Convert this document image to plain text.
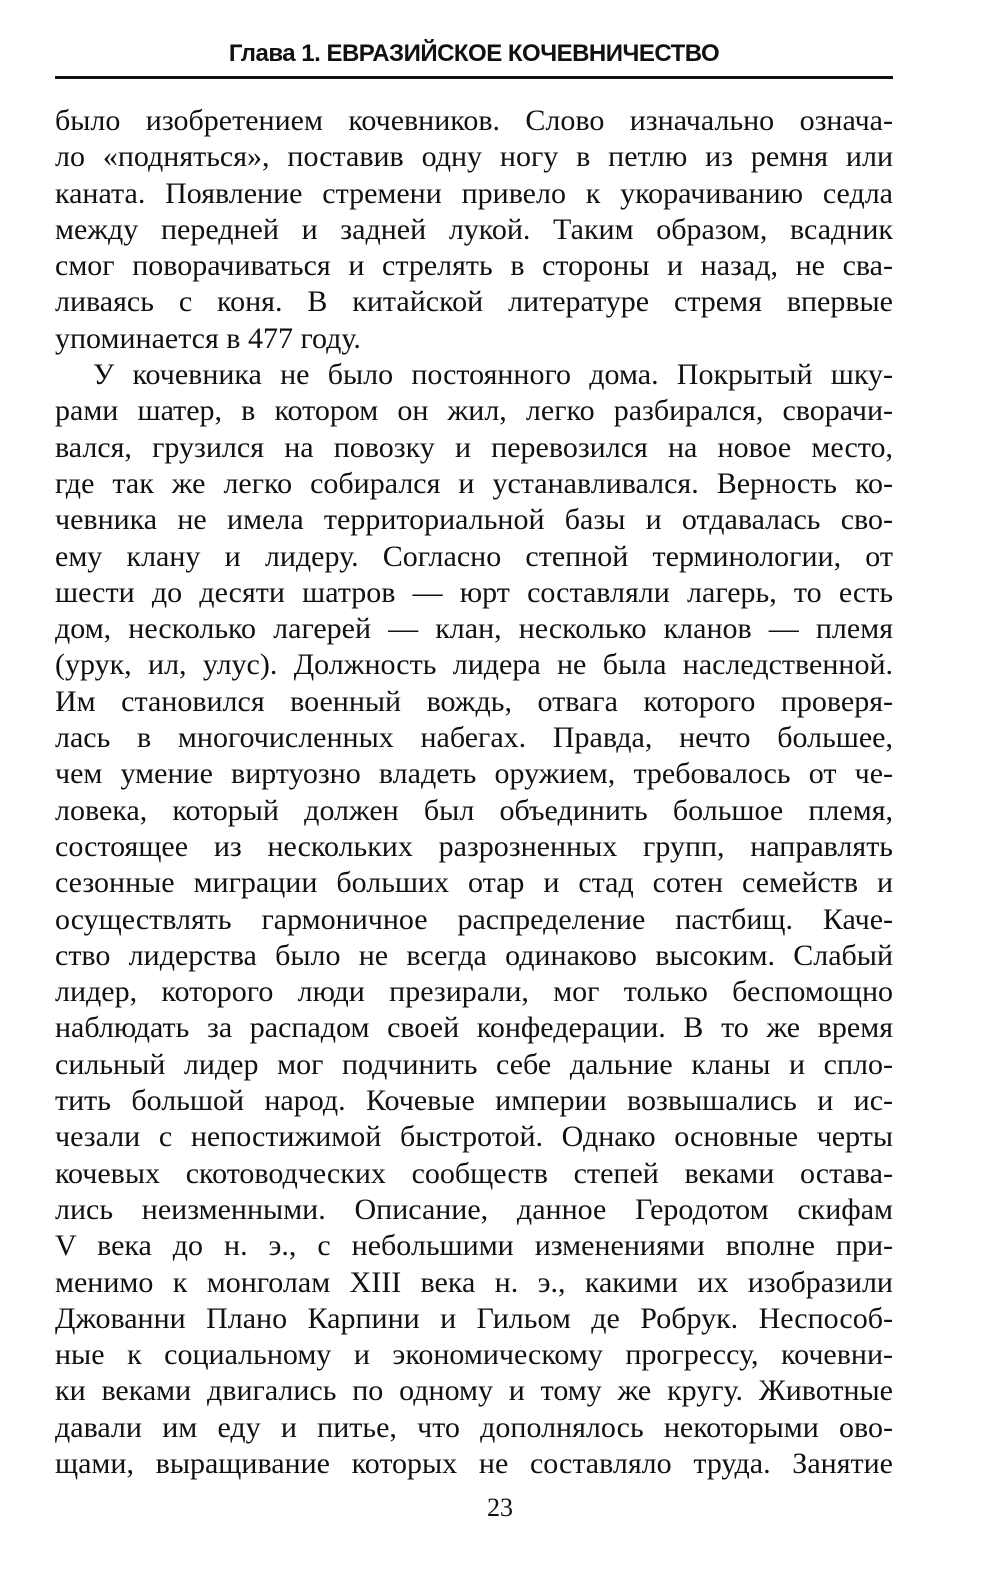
Глава 1. ЕВРАЗИЙСКОЕ КОЧЕВНИЧЕСТВО
было изобретением кочевников. Слово изначально означа-
ло «подняться», поставив одну ногу в петлю из ремня или
каната. Появление стремени привело к укорачиванию седла
между передней и задней лукой. Таким образом, всадник
смог поворачиваться и стрелять в стороны и назад, не сва-
ливаясь с коня. В китайской литературе стремя впервые
упоминается в 477 году.
У кочевника не было постоянного дома. Покрытый шку-
рами шатер, в котором он жил, легко разбирался, сворачи-
вался, грузился на повозку и перевозился на новое место,
где так же легко собирался и устанавливался. Верность ко-
чевника не имела территориальной базы и отдавалась сво-
ему клану и лидеру. Согласно степной терминологии, от
шести до десяти шатров — юрт составляли лагерь, то есть
дом, несколько лагерей — клан, несколько кланов — племя
(урук, ил, улус). Должность лидера не была наследственной.
Им становился военный вождь, отвага которого проверя-
лась в многочисленных набегах. Правда, нечто большее,
чем умение виртуозно владеть оружием, требовалось от че-
ловека, который должен был объединить большое племя,
состоящее из нескольких разрозненных групп, направлять
сезонные миграции больших отар и стад сотен семейств и
осуществлять гармоничное распределение пастбищ. Каче-
ство лидерства было не всегда одинаково высоким. Слабый
лидер, которого люди презирали, мог только беспомощно
наблюдать за распадом своей конфедерации. В то же время
сильный лидер мог подчинить себе дальние кланы и спло-
тить большой народ. Кочевые империи возвышались и ис-
чезали с непостижимой быстротой. Однако основные черты
кочевых скотоводческих сообществ степей веками остава-
лись неизменными. Описание, данное Геродотом скифам
V века до н. э., с небольшими изменениями вполне при-
менимо к монголам XIII века н. э., какими их изобразили
Джованни Плано Карпини и Гильом де Робрук. Неспособ-
ные к социальному и экономическому прогрессу, кочевни-
ки веками двигались по одному и тому же кругу. Животные
давали им еду и питье, что дополнялось некоторыми ово-
щами, выращивание которых не составляло труда. Занятие
23
